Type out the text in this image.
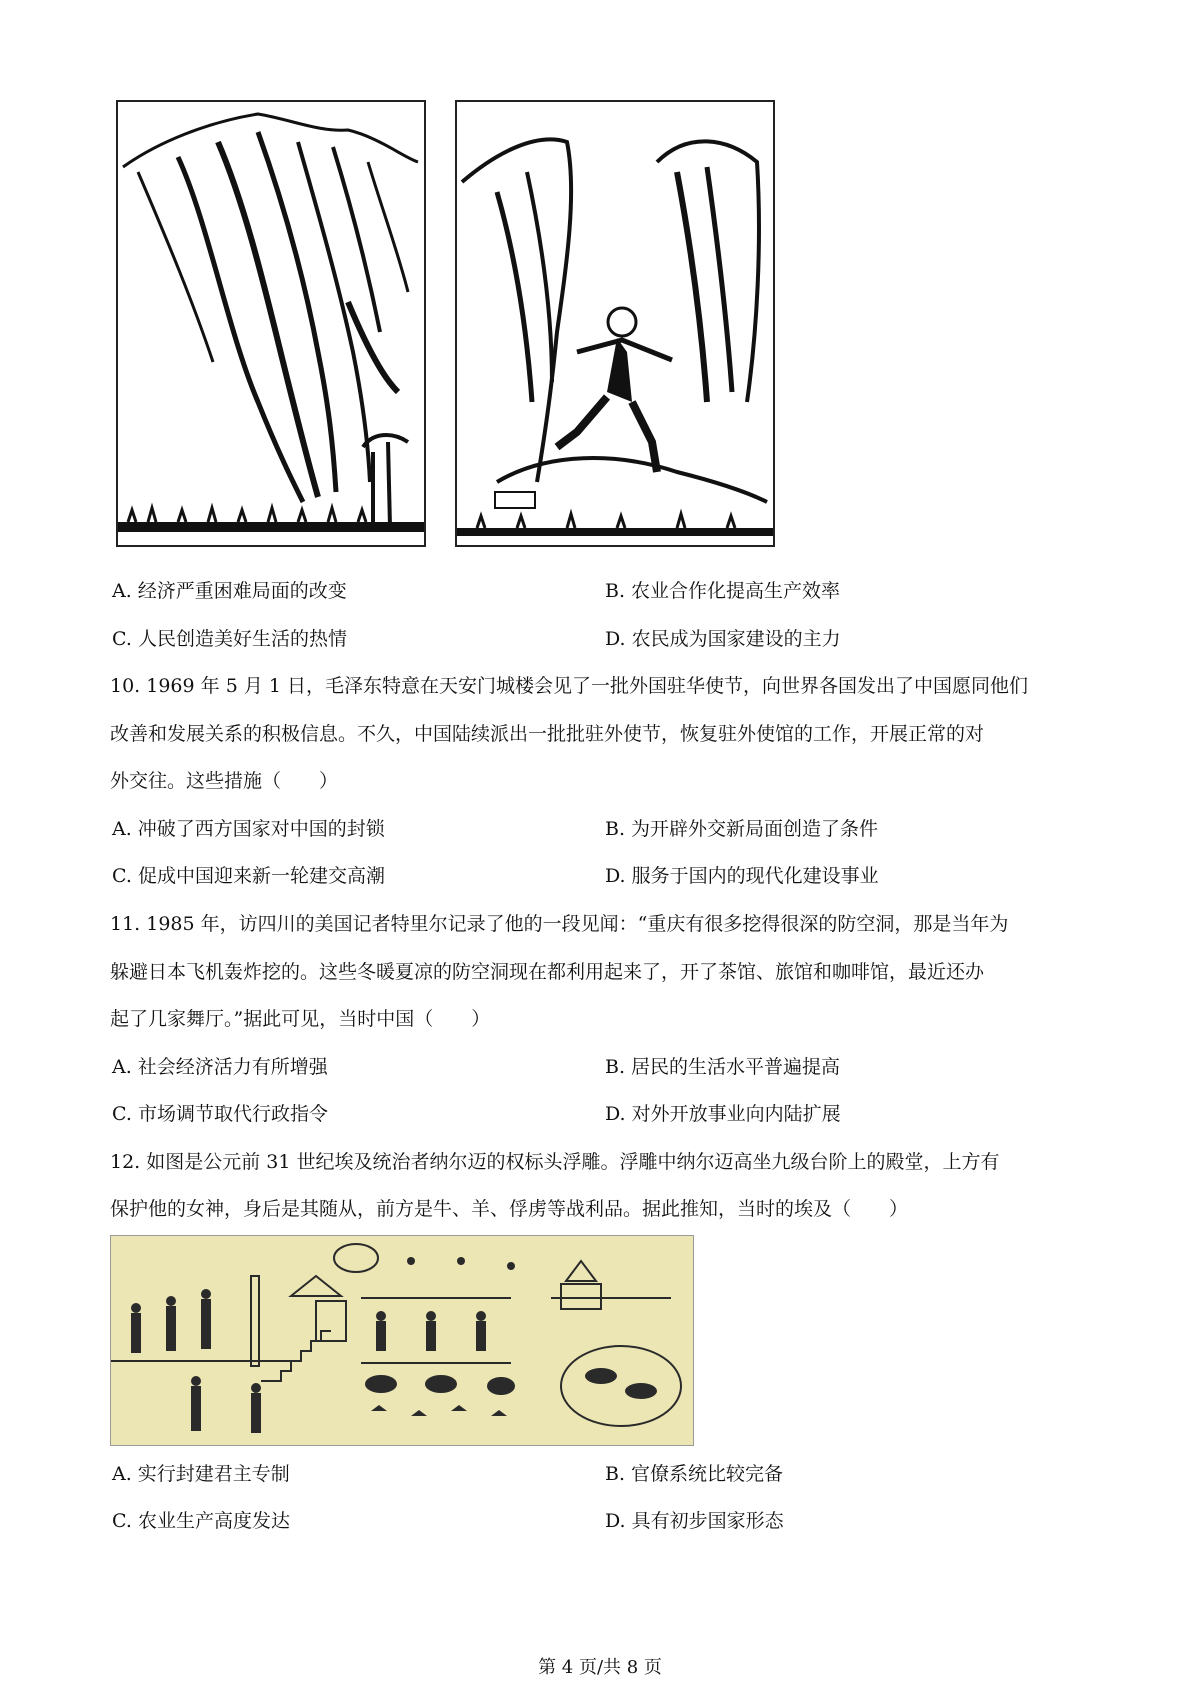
A. 经济严重困难局面的改变	B. 农业合作化提高生产效率
C. 人民创造美好生活的热情	D. 农民成为国家建设的主力
10. 1969 年 5 月 1 日，毛泽东特意在天安门城楼会见了一批外国驻华使节，向世界各国发出了中国愿同他们
改善和发展关系的积极信息。不久，中国陆续派出一批批驻外使节，恢复驻外使馆的工作，开展正常的对
外交往。这些措施（　　）
A. 冲破了西方国家对中国的封锁	B. 为开辟外交新局面创造了条件
C. 促成中国迎来新一轮建交高潮	D. 服务于国内的现代化建设事业
11. 1985 年，访四川的美国记者特里尔记录了他的一段见闻：“重庆有很多挖得很深的防空洞，那是当年为
躲避日本飞机轰炸挖的。这些冬暖夏凉的防空洞现在都利用起来了，开了茶馆、旅馆和咖啡馆，最近还办
起了几家舞厅。”据此可见，当时中国（　　）
A. 社会经济活力有所增强	B. 居民的生活水平普遍提高
C. 市场调节取代行政指令	D. 对外开放事业向内陆扩展
12. 如图是公元前 31 世纪埃及统治者纳尔迈的权标头浮雕。浮雕中纳尔迈高坐九级台阶上的殿堂，上方有
保护他的女神，身后是其随从，前方是牛、羊、俘虏等战利品。据此推知，当时的埃及（　　）
A. 实行封建君主专制	B. 官僚系统比较完备
C. 农业生产高度发达	D. 具有初步国家形态
第 4 页/共 8 页
